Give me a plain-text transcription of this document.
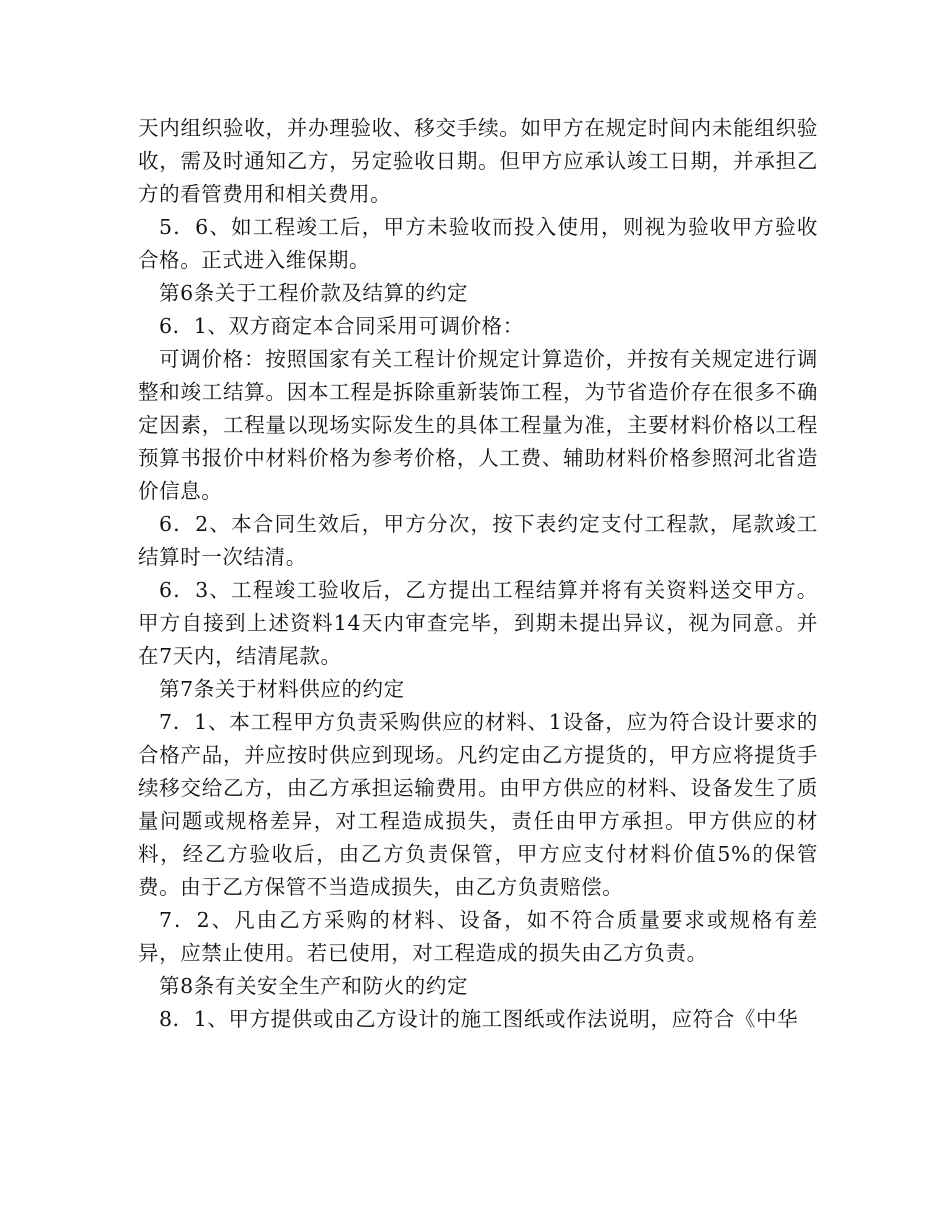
天内组织验收，并办理验收、移交手续。如甲方在规定时间内未能组织验收，需及时通知乙方，另定验收日期。但甲方应承认竣工日期，并承担乙方的看管费用和相关费用。

5．6、如工程竣工后，甲方未验收而投入使用，则视为验收甲方验收合格。正式进入维保期。

第6条关于工程价款及结算的约定

6．1、双方商定本合同采用可调价格：

可调价格：按照国家有关工程计价规定计算造价，并按有关规定进行调整和竣工结算。因本工程是拆除重新装饰工程，为节省造价存在很多不确定因素，工程量以现场实际发生的具体工程量为准，主要材料价格以工程预算书报价中材料价格为参考价格，人工费、辅助材料价格参照河北省造价信息。

6．2、本合同生效后，甲方分次，按下表约定支付工程款，尾款竣工结算时一次结清。

6．3、工程竣工验收后，乙方提出工程结算并将有关资料送交甲方。甲方自接到上述资料14天内审查完毕，到期未提出异议，视为同意。并在7天内，结清尾款。

第7条关于材料供应的约定

7．1、本工程甲方负责采购供应的材料、1设备，应为符合设计要求的合格产品，并应按时供应到现场。凡约定由乙方提货的，甲方应将提货手续移交给乙方，由乙方承担运输费用。由甲方供应的材料、设备发生了质量问题或规格差异，对工程造成损失，责任由甲方承担。甲方供应的材料，经乙方验收后，由乙方负责保管，甲方应支付材料价值5%的保管费。由于乙方保管不当造成损失，由乙方负责赔偿。

7．2、凡由乙方采购的材料、设备，如不符合质量要求或规格有差异，应禁止使用。若已使用，对工程造成的损失由乙方负责。

第8条有关安全生产和防火的约定

8．1、甲方提供或由乙方设计的施工图纸或作法说明，应符合《中华
